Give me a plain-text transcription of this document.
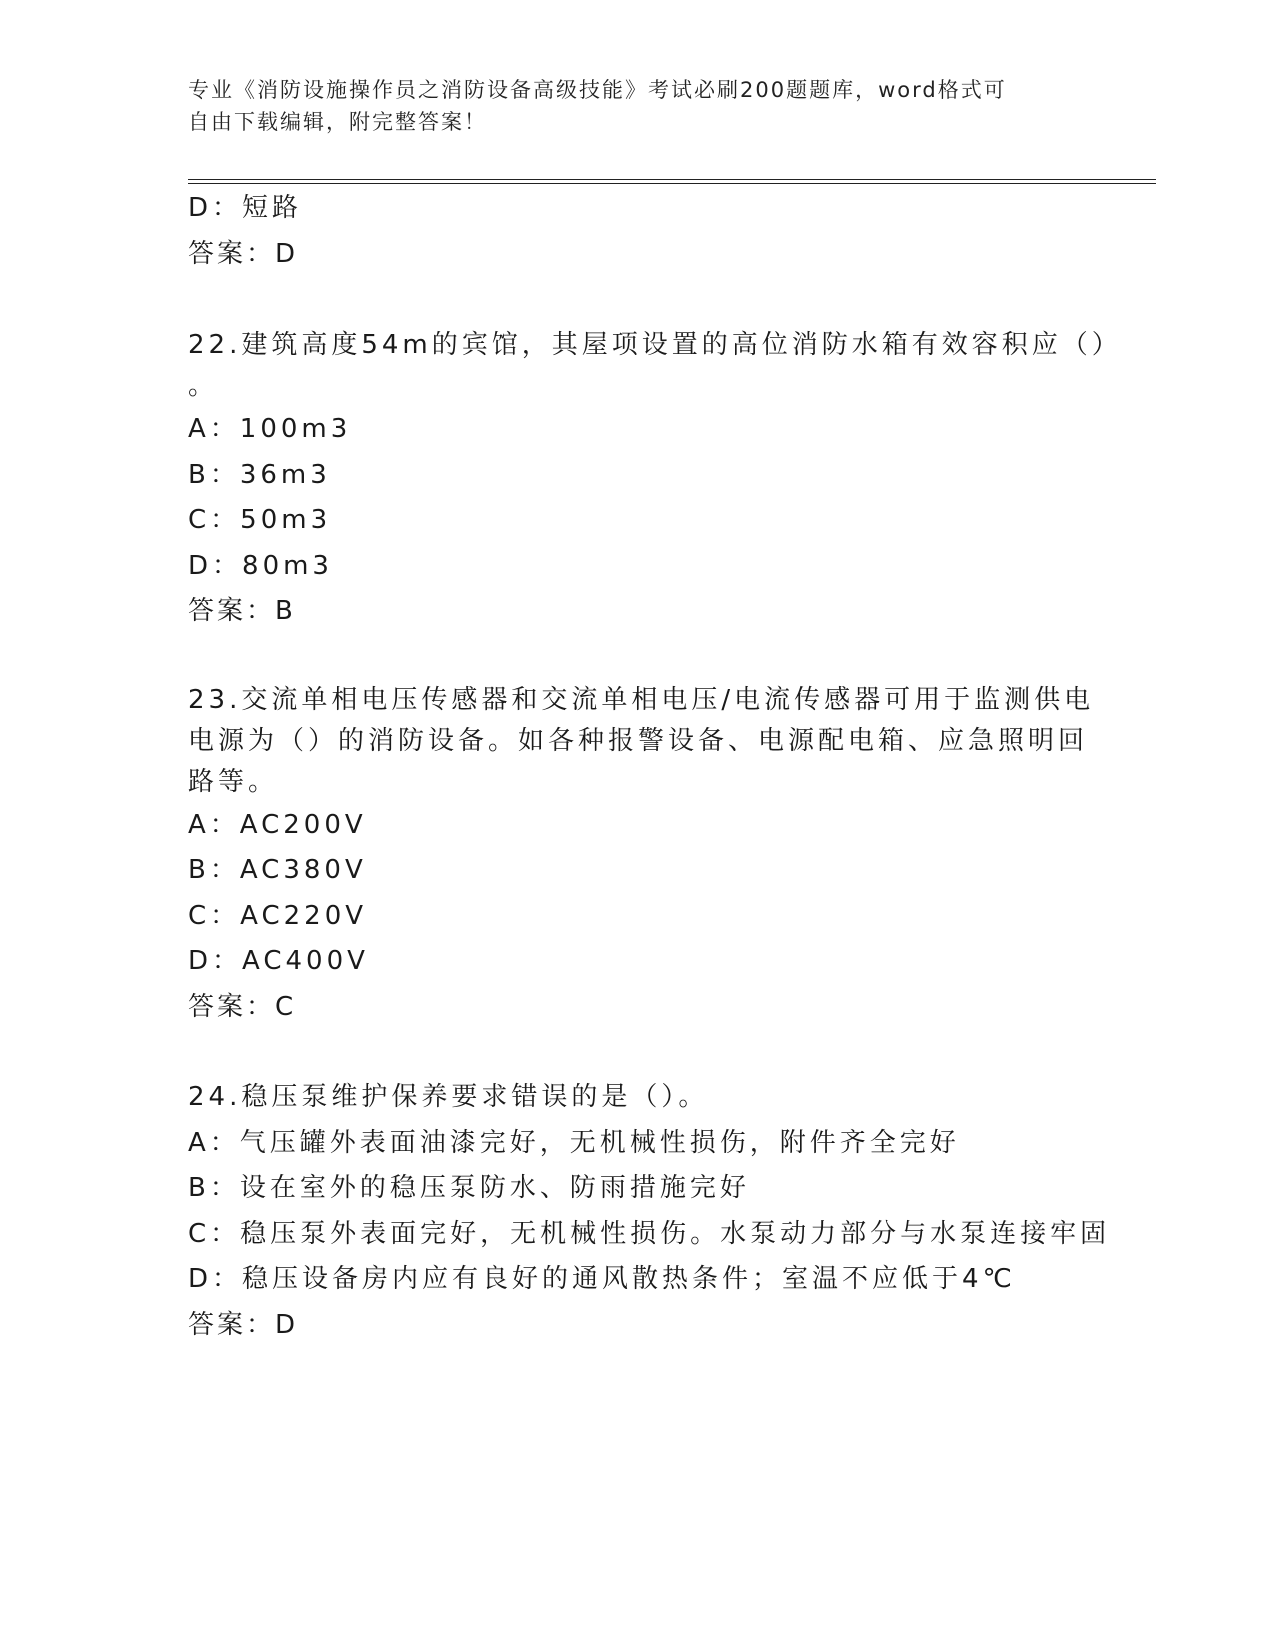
专业《消防设施操作员之消防设备高级技能》考试必刷200题题库，word格式可
自由下载编辑，附完整答案！
D：短路
答案：D
22.建筑高度54m的宾馆，其屋项设置的高位消防水箱有效容积应（）
。
A：100m3
B：36m3
C：50m3
D：80m3
答案：B
23.交流单相电压传感器和交流单相电压/电流传感器可用于监测供电
电源为（）的消防设备。如各种报警设备、电源配电箱、应急照明回
路等。
A：AC200V
B：AC380V
C：AC220V
D：AC400V
答案：C
24.稳压泵维护保养要求错误的是（）。
A：气压罐外表面油漆完好，无机械性损伤，附件齐全完好
B：设在室外的稳压泵防水、防雨措施完好
C：稳压泵外表面完好，无机械性损伤。水泵动力部分与水泵连接牢固
D：稳压设备房内应有良好的通风散热条件；室温不应低于4℃
答案：D
